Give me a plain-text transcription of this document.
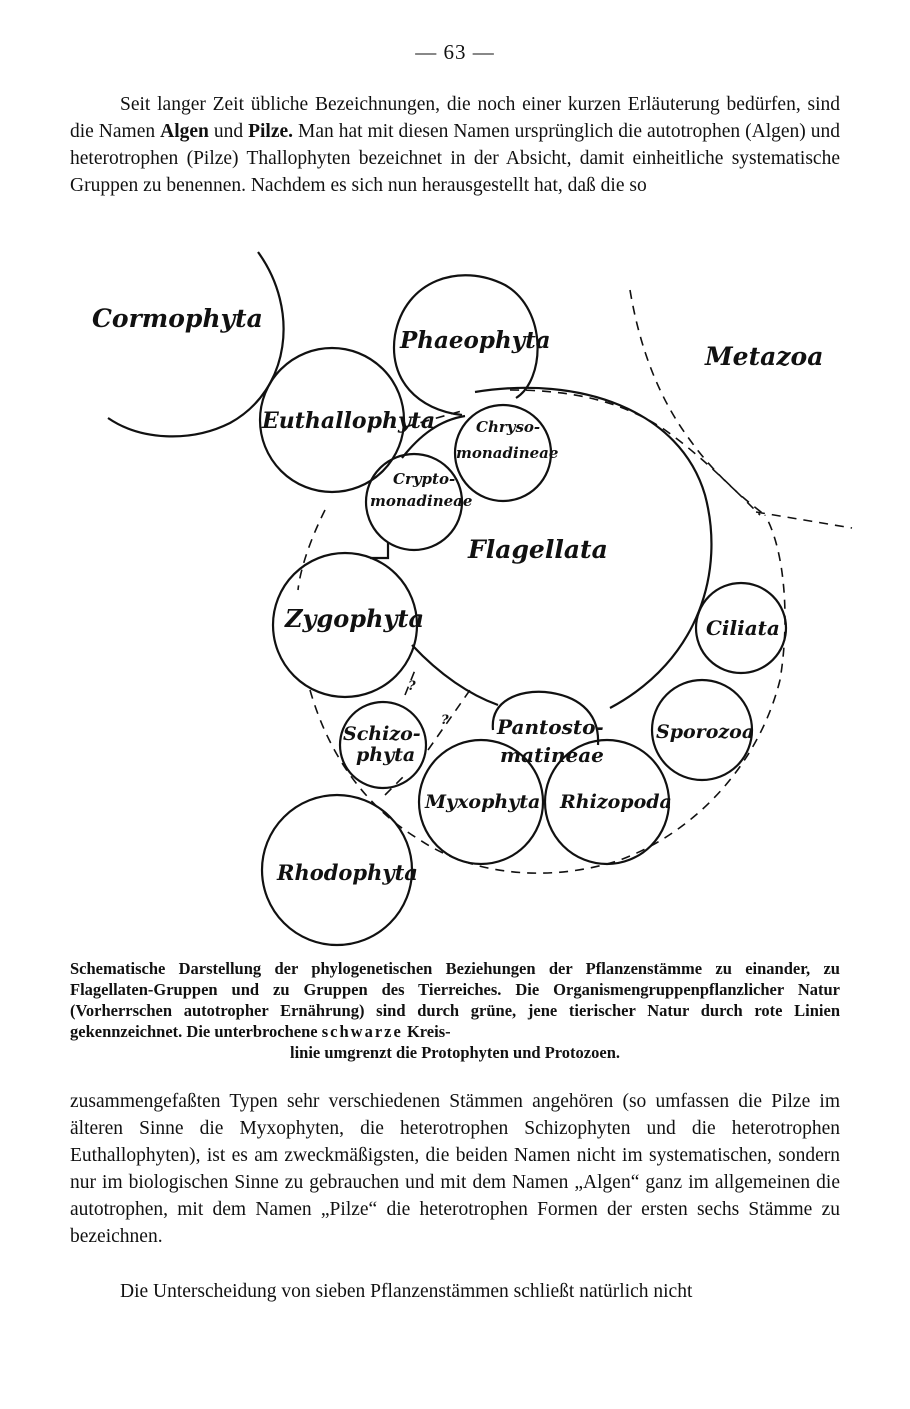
— 63 —

Seit langer Zeit übliche Bezeichnungen, die noch einer kurzen Erläuterung bedürfen, sind die Namen Algen und Pilze. Man hat mit diesen Namen ursprünglich die autotrophen (Algen) und heterotrophen (Pilze) Thallophyten bezeichnet in der Absicht, damit einheitliche systematische Gruppen zu benennen. Nachdem es sich nun herausgestellt hat, daß die so

Cormophyta
Phaeophyta
Metazoa
Euthallophyta	Chryso-
monadineae
Crypto-
monadineae
Flagellata
Zygophyta	Ciliata
Schizo-
phyta
Pantosto-
matineae
Sporozoa
Myxophyta Rhizopoda
Rhodophyta
?
?

Schematische Darstellung der phylogenetischen Beziehungen der Pflanzenstämme zu einander, zu Flagellaten-Gruppen und zu Gruppen des Tierreiches. Die Organismengruppenpflanzlicher Natur (Vorherrschen autotropher Ernährung) sind durch grüne, jene tierischer Natur durch rote Linien gekennzeichnet. Die unterbrochene schwarze Kreis-
linie umgrenzt die Protophyten und Protozoen.

zusammengefaßten Typen sehr verschiedenen Stämmen angehören (so umfassen die Pilze im älteren Sinne die Myxophyten, die heterotrophen Schizophyten und die heterotrophen Euthallophyten), ist es am zweckmäßigsten, die beiden Namen nicht im systematischen, sondern nur im biologischen Sinne zu gebrauchen und mit dem Namen „Algen“ ganz im allgemeinen die autotrophen, mit dem Namen „Pilze“ die heterotrophen Formen der ersten sechs Stämme zu bezeichnen.

Die Unterscheidung von sieben Pflanzenstämmen schließt natürlich nicht
